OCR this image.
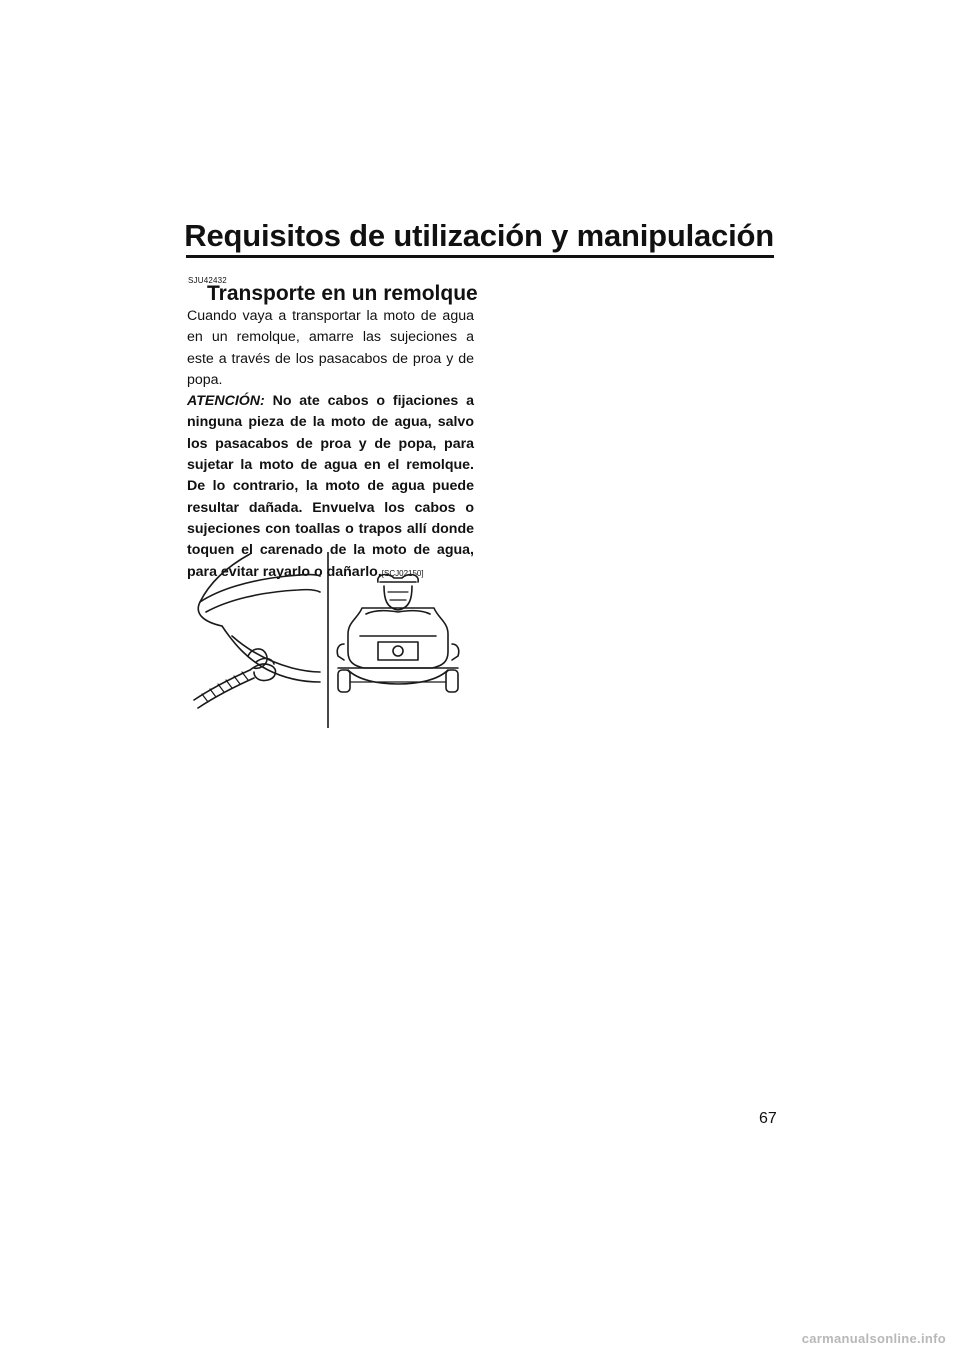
Requisitos de utilización y manipulación
SJU42432
Transporte en un remolque

Cuando vaya a transportar la moto de agua en un remolque, amarre las sujeciones a este a través de los pasacabos de proa y de popa.

ATENCIÓN: No ate cabos o fijaciones a ninguna pieza de la moto de agua, salvo los pasacabos de proa y de popa, para sujetar la moto de agua en el remolque. De lo contrario, la moto de agua puede resultar dañada. Envuelva los cabos o sujeciones con toallas o trapos allí donde toquen el carenado de la moto de agua, para evitar rayarlo o dañarlo.[SCJ02150]

67
carmanualsonline.info
